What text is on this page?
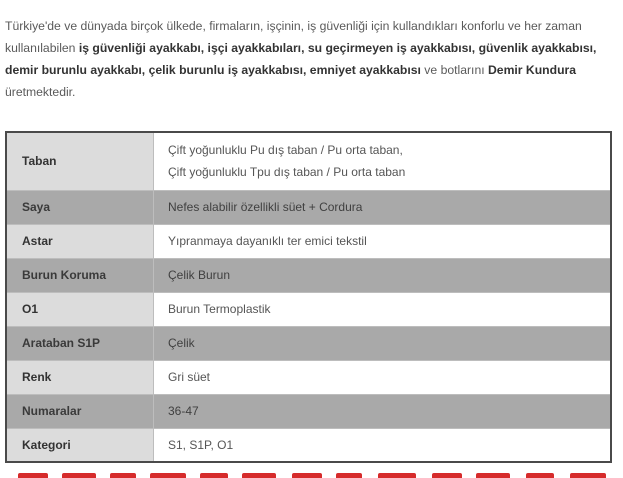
Türkiye'de ve dünyada birçok ülkede, firmaların, işçinin, iş güvenliği için kullandıkları konforlu ve her zaman kullanılabilen iş güvenliği ayakkabı, işçi ayakkabıları, su geçirmeyen iş ayakkabısı, güvenlik ayakkabısı, demir burunlu ayakkabı, çelik burunlu iş ayakkabısı, emniyet ayakkabısı ve botlarını Demir Kundura üretmektedir.

Taban	Çift yoğunluklu Pu dış taban / Pu orta taban,
Çift yoğunluklu Tpu dış taban / Pu orta taban

Saya	Nefes alabilir özellikli süet + Cordura

Astar	Yıpranmaya dayanıklı ter emici tekstil

Burun Koruma	Çelik Burun

O1	Burun Termoplastik

Arataban S1P	Çelik

Renk	Gri süet

Numaralar	36-47

Kategori	S1, S1P, O1
